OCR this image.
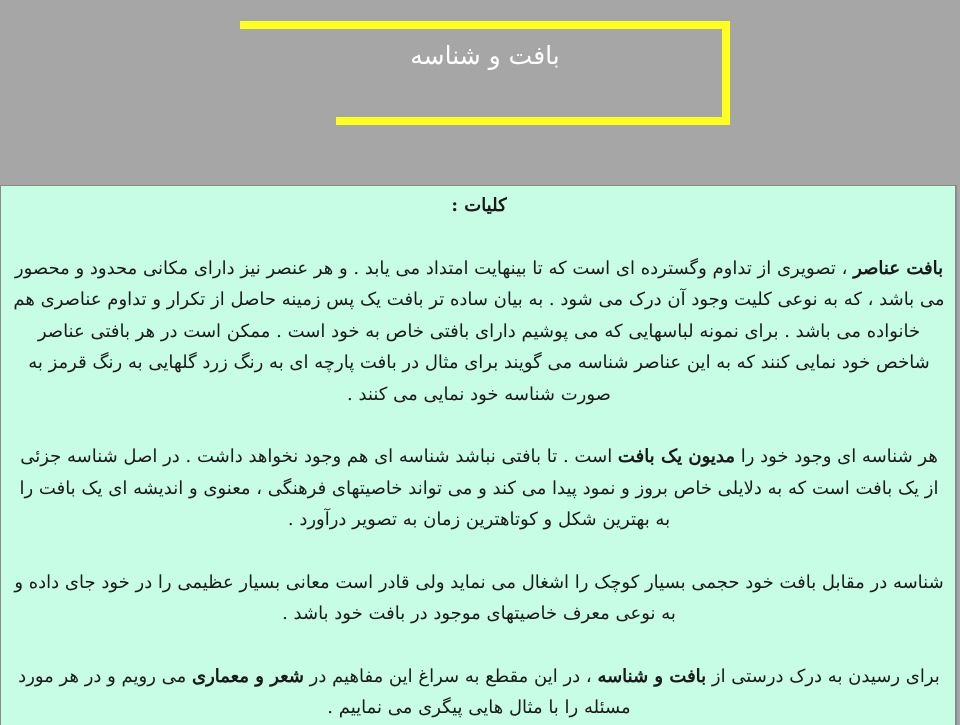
بافت و شناسه
کلیات :
بافت عناصر ، تصویری از تداوم وگسترده ای است که تا بینهایت امتداد می یابد . و هر عنصر نیز دارای مکانی محدود و محصور می باشد ، که به نوعی کلیت وجود آن درک می شود . به بیان ساده تر بافت یک پس زمینه حاصل از تکرار و تداوم عناصری هم خانواده می باشد . برای نمونه لباسهایی که می پوشیم دارای بافتی خاص به خود است . ممکن است در هر بافتی عناصر شاخص خود نمایی کنند که به این عناصر شناسه می گویند برای مثال در بافت پارچه ای به رنگ زرد گلهایی به رنگ قرمز به صورت شناسه خود نمایی می کنند .
هر شناسه ای وجود خود را مدیون یک بافت است . تا بافتی نباشد شناسه ای هم وجود نخواهد داشت . در اصل شناسه جزئی از یک بافت است که به دلایلی خاص بروز و نمود پیدا می کند و می تواند خاصیتهای فرهنگی ، معنوی و اندیشه ای یک بافت را به بهترین شکل و کوتاهترین زمان به تصویر درآورد .
شناسه در مقابل بافت خود حجمی بسیار کوچک را اشغال می نماید ولی قادر است معانی بسیار عظیمی را در خود جای داده و به نوعی معرف خاصیتهای موجود در بافت خود باشد .
برای رسیدن به درک درستی از بافت و شناسه ، در این مقطع به سراغ این مفاهیم در شعر و معماری می رویم و در هر مورد مسئله را با مثال هایی پیگری می نماییم .
